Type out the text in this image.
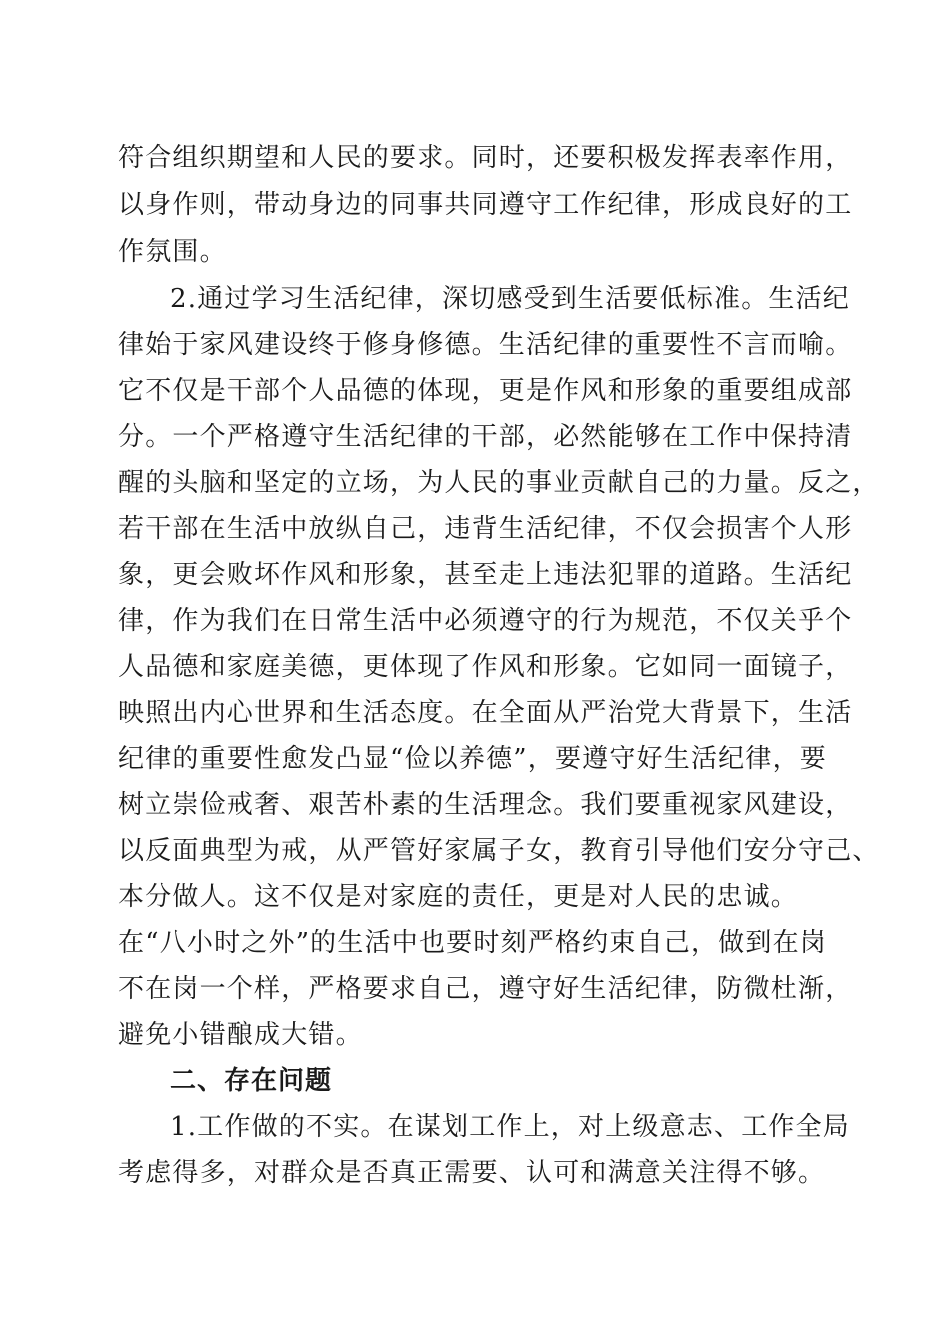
符合组织期望和人民的要求。同时，还要积极发挥表率作用，
以身作则，带动身边的同事共同遵守工作纪律，形成良好的工
作氛围。
2.通过学习生活纪律，深切感受到生活要低标准。生活纪
律始于家风建设终于修身修德。生活纪律的重要性不言而喻。
它不仅是干部个人品德的体现，更是作风和形象的重要组成部
分。一个严格遵守生活纪律的干部，必然能够在工作中保持清
醒的头脑和坚定的立场，为人民的事业贡献自己的力量。反之，
若干部在生活中放纵自己，违背生活纪律，不仅会损害个人形
象，更会败坏作风和形象，甚至走上违法犯罪的道路。生活纪
律，作为我们在日常生活中必须遵守的行为规范，不仅关乎个
人品德和家庭美德，更体现了作风和形象。它如同一面镜子，
映照出内心世界和生活态度。在全面从严治党大背景下，生活
纪律的重要性愈发凸显“俭以养德”，要遵守好生活纪律，要
树立崇俭戒奢、艰苦朴素的生活理念。我们要重视家风建设，
以反面典型为戒，从严管好家属子女，教育引导他们安分守己、
本分做人。这不仅是对家庭的责任，更是对人民的忠诚。
在“八小时之外”的生活中也要时刻严格约束自己，做到在岗
不在岗一个样，严格要求自己，遵守好生活纪律，防微杜渐，
避免小错酿成大错。
二、存在问题
1.工作做的不实。在谋划工作上，对上级意志、工作全局
考虑得多，对群众是否真正需要、认可和满意关注得不够。
